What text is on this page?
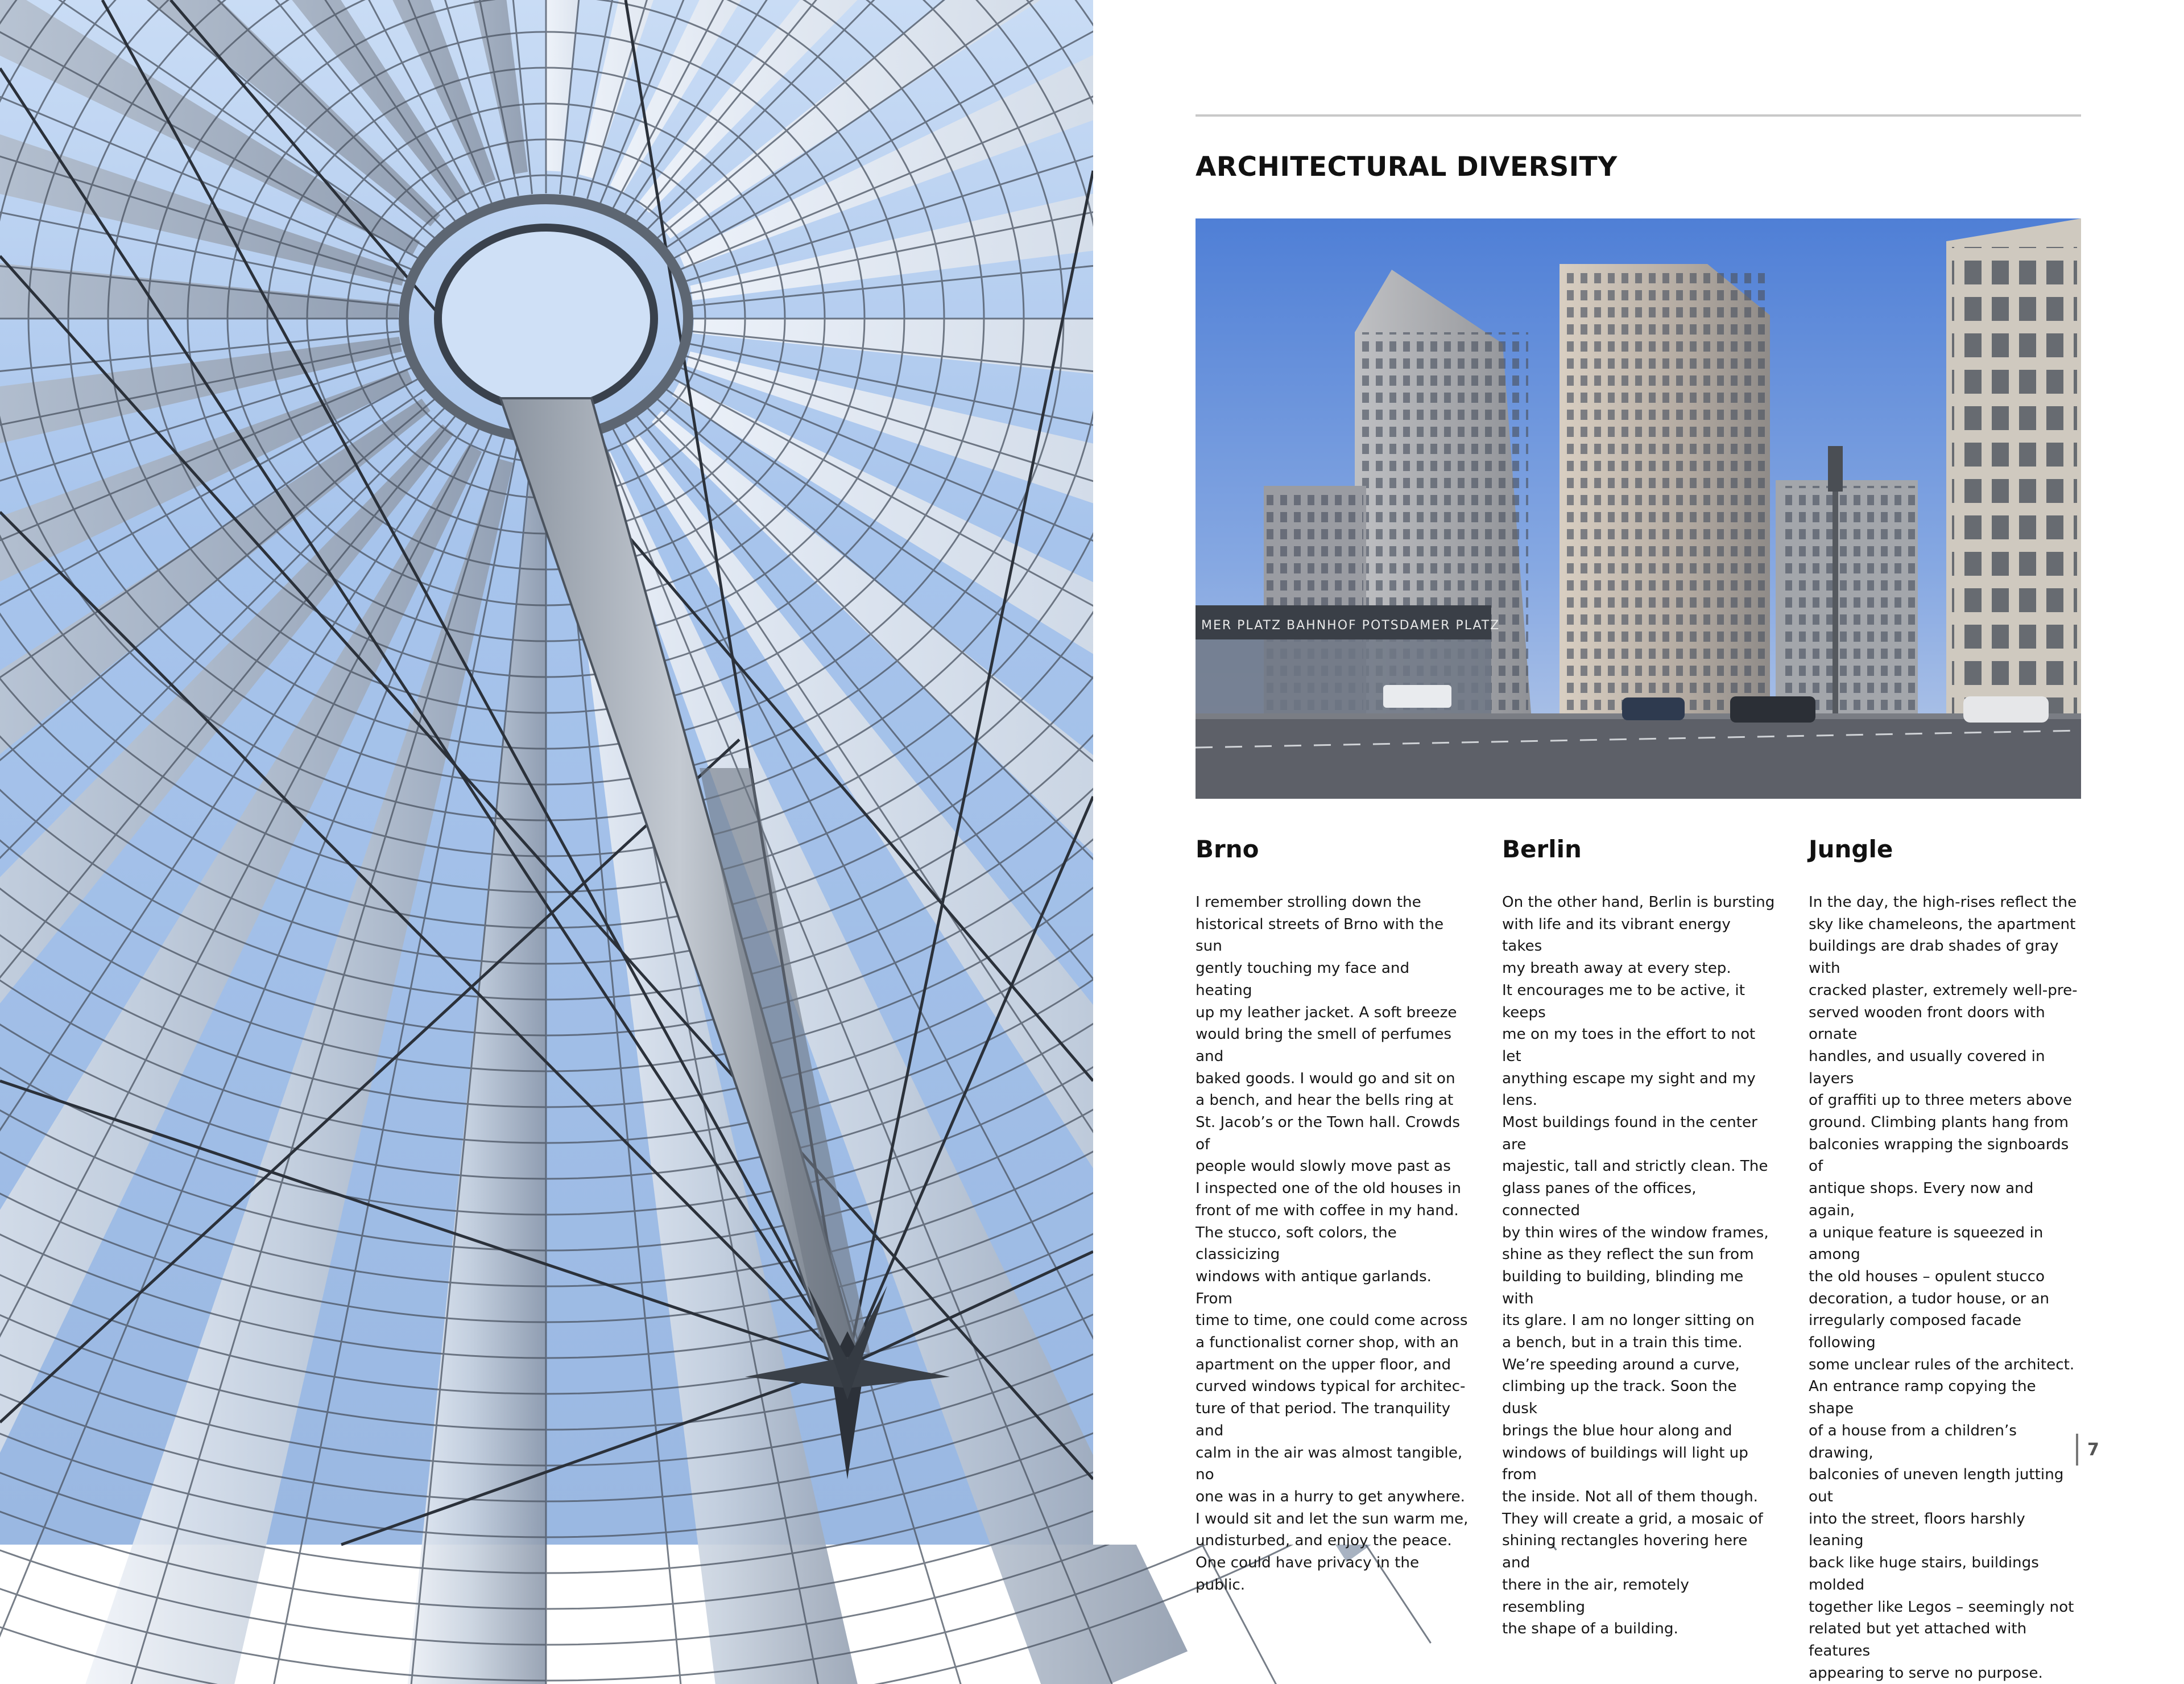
ARCHITECTURAL DIVERSITY
MER PLATZ BAHNHOF POTSDAMER PLATZ
Brno

I remember strolling down the
historical streets of Brno with the sun
gently touching my face and heating
up my leather jacket. A soft breeze
would bring the smell of perfumes and
baked goods. I would go and sit on
a bench, and hear the bells ring at
St. Jacob’s or the Town hall. Crowds of
people would slowly move past as
I inspected one of the old houses in
front of me with coffee in my hand.
The stucco, soft colors, the classicizing
windows with antique garlands. From
time to time, one could come across
a functionalist corner shop, with an
apartment on the upper floor, and
curved windows typical for architec-
ture of that period. The tranquility and
calm in the air was almost tangible, no
one was in a hurry to get anywhere.
I would sit and let the sun warm me,
undisturbed, and enjoy the peace.
One could have privacy in the public.

Berlin

On the other hand, Berlin is bursting
with life and its vibrant energy takes
my breath away at every step.
It encourages me to be active, it keeps
me on my toes in the effort to not let
anything escape my sight and my lens.
Most buildings found in the center are
majestic, tall and strictly clean. The
glass panes of the offices, connected
by thin wires of the window frames,
shine as they reflect the sun from
building to building, blinding me with
its glare. I am no longer sitting on
a bench, but in a train this time.
We’re speeding around a curve,
climbing up the track. Soon the dusk
brings the blue hour along and
windows of buildings will light up from
the inside. Not all of them though.
They will create a grid, a mosaic of
shining rectangles hovering here and
there in the air, remotely resembling
the shape of a building.

Jungle

In the day, the high-rises reflect the
sky like chameleons, the apartment
buildings are drab shades of gray with
cracked plaster, extremely well-pre-
served wooden front doors with ornate
handles, and usually covered in layers
of graffiti up to three meters above
ground. Climbing plants hang from
balconies wrapping the signboards of
antique shops. Every now and again,
a unique feature is squeezed in among
the old houses – opulent stucco
decoration, a tudor house, or an
irregularly composed facade following
some unclear rules of the architect.
An entrance ramp copying the shape
of a house from a children’s drawing,
balconies of uneven length jutting out
into the street, floors harshly leaning
back like huge stairs, buildings molded
together like Legos – seemingly not
related but yet attached with features
appearing to serve no purpose.

7
